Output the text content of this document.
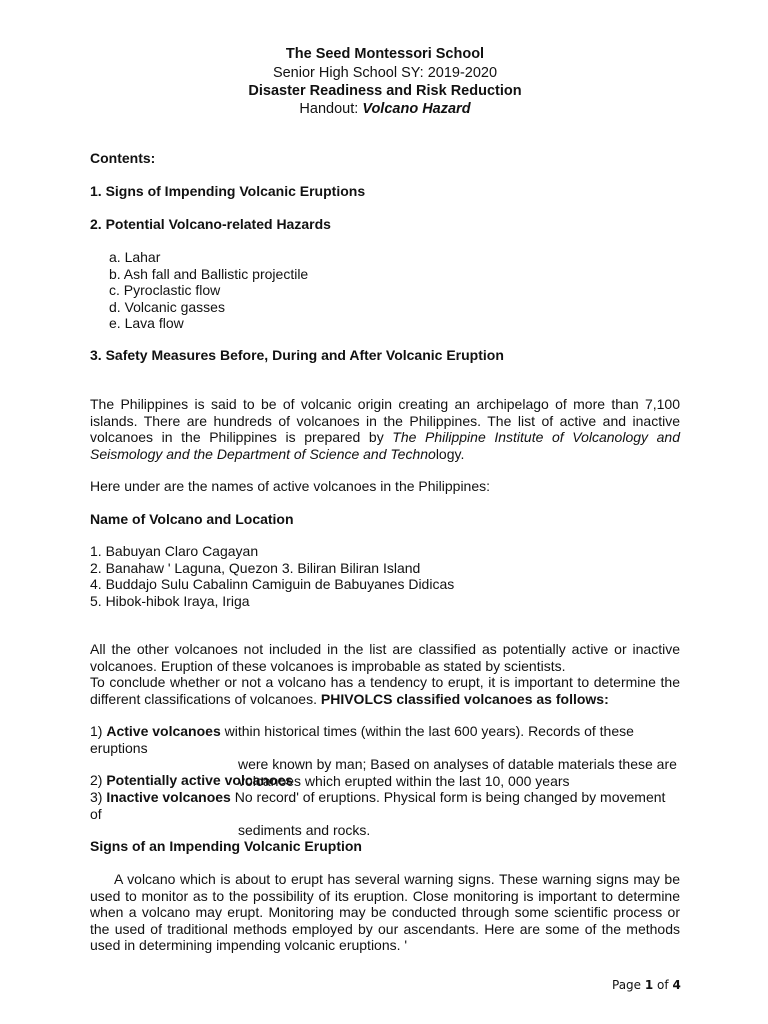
The Seed Montessori School
Senior High School SY: 2019-2020
Disaster Readiness and Risk Reduction
Handout: Volcano Hazard
Contents:
1. Signs of Impending Volcanic Eruptions
2. Potential Volcano-related Hazards
a. Lahar
b. Ash fall and Ballistic projectile
c. Pyroclastic flow
d. Volcanic gasses
e. Lava flow
3. Safety Measures Before, During and After Volcanic Eruption
The Philippines is said to be of volcanic origin creating an archipelago of more than 7,100 islands. There are hundreds of volcanoes in the Philippines. The list of active and inactive volcanoes in the Philippines is prepared by The Philippine Institute of Volcanology and Seismology and the Department of Science and Technology.
Here under are the names of active volcanoes in the Philippines:
Name of Volcano and Location
1. Babuyan Claro Cagayan
2. Banahaw ' Laguna, Quezon 3. Biliran Biliran Island
4. Buddajo Sulu Cabalinn Camiguin de Babuyanes Didicas
5. Hibok-hibok Iraya, Iriga
All the other volcanoes not included in the list are classified as potentially active or inactive volcanoes. Eruption of these volcanoes is improbable as stated by scientists.
To conclude whether or not a volcano has a tendency to erupt, it is important to determine the different classifications of volcanoes. PHIVOLCS classified volcanoes as follows:
1) Active volcanoes within historical times (within the last 600 years). Records of these eruptions
were known by man; Based on analyses of datable materials these are
volcanoes which erupted within the last 10, 000 years
2) Potentially active volcanoes
3) Inactive volcanoes No record' of eruptions. Physical form is being changed by movement of
sediments and rocks.
Signs of an Impending Volcanic Eruption
A volcano which is about to erupt has several warning signs. These warning signs may be used to monitor as to the possibility of its eruption. Close monitoring is important to determine when a volcano may erupt. Monitoring may be conducted through some scientific process or the used of traditional methods employed by our ascendants. Here are some of the methods used in determining impending volcanic eruptions. '
Page 1 of 4
